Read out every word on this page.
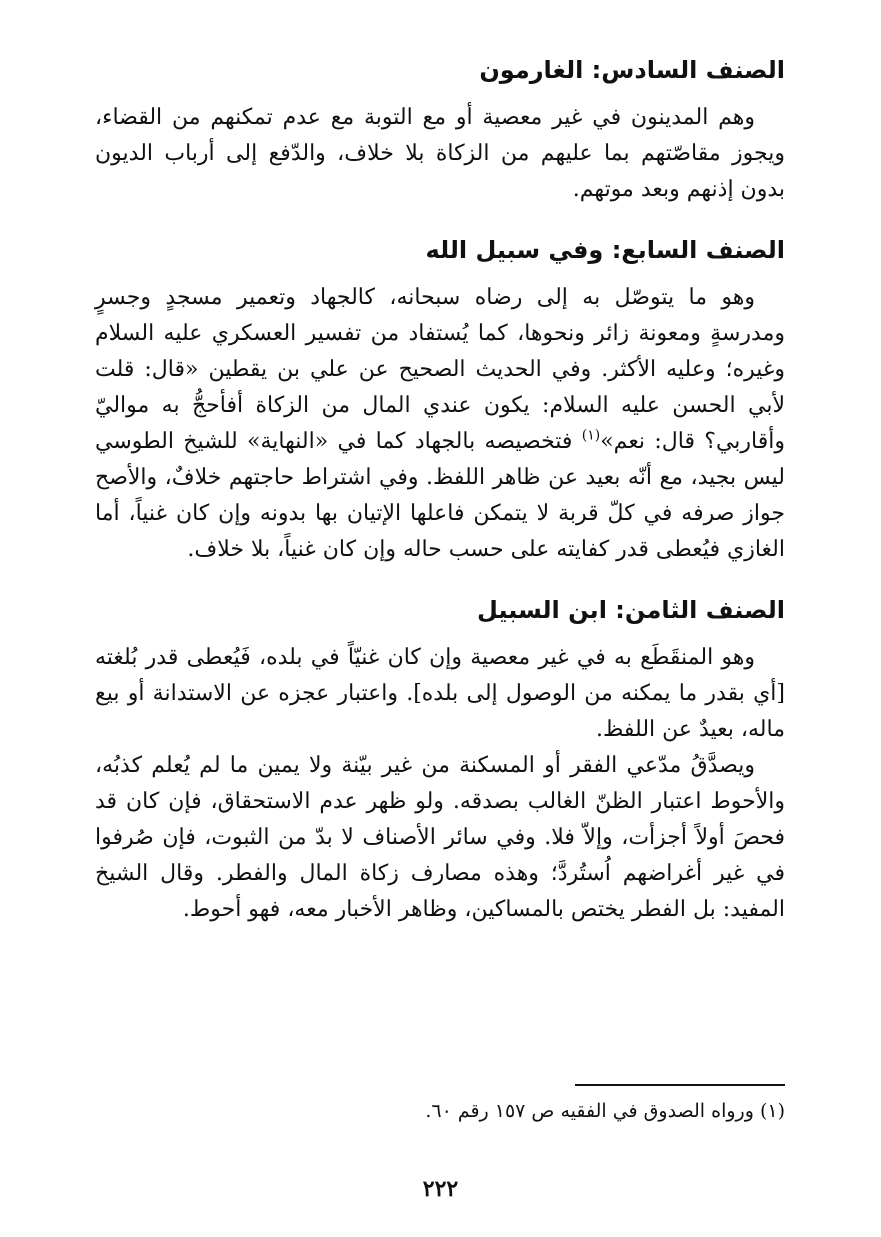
الصنف السادس: الغارمون

وهم المدينون في غير معصية أو مع التوبة مع عدم تمكنهم من القضاء، ويجوز مقاصّتهم بما عليهم من الزكاة بلا خلاف، والدّفع إلى أرباب الديون بدون إذنهم وبعد موتهم.

الصنف السابع: وفي سبيل الله

وهو ما يتوصّل به إلى رضاه سبحانه، كالجهاد وتعمير مسجدٍ وجسرٍ ومدرسةٍ ومعونة زائر ونحوها، كما يُستفاد من تفسير العسكري عليه السلام وغيره؛ وعليه الأكثر. وفي الحديث الصحيح عن علي بن يقطين «قال: قلت لأبي الحسن عليه السلام: يكون عندي المال من الزكاة أفأحجُّ به مواليّ وأقاربي؟ قال: نعم»$^{(١)}$ فتخصيصه بالجهاد كما في «النهاية» للشيخ الطوسي ليس بجيد، مع أنّه بعيد عن ظاهر اللفظ. وفي اشتراط حاجتهم خلافٌ، والأصح جواز صرفه في كلّ قربة لا يتمكن فاعلها الإتيان بها بدونه وإن كان غنياً، أما الغازي فيُعطى قدر كفايته على حسب حاله وإن كان غنياً، بلا خلاف.

الصنف الثامن: ابن السبيل

وهو المنقَطَع به في غير معصية وإن كان غنيّاً في بلده، فَيُعطى قدر بُلغته [أي بقدر ما يمكنه من الوصول إلى بلده]. واعتبار عجزه عن الاستدانة أو بيع ماله، بعيدٌ عن اللفظ.

ويصدَّقُ مدّعي الفقر أو المسكنة من غير بيّنة ولا يمين ما لم يُعلم كذبُه، والأحوط اعتبار الظنّ الغالب بصدقه. ولو ظهر عدم الاستحقاق، فإن كان قد فحصَ أولاً أجزأت، وإلاّ فلا. وفي سائر الأصناف لا بدّ من الثبوت، فإن صُرفوا في غير أغراضهم اُستُردَّ؛ وهذه مصارف زكاة المال والفطر. وقال الشيخ المفيد: بل الفطر يختص بالمساكين، وظاهر الأخبار معه، فهو أحوط.

(١) ورواه الصدوق في الفقيه ص ١٥٧ رقم ٦٠.
٢٢٢
